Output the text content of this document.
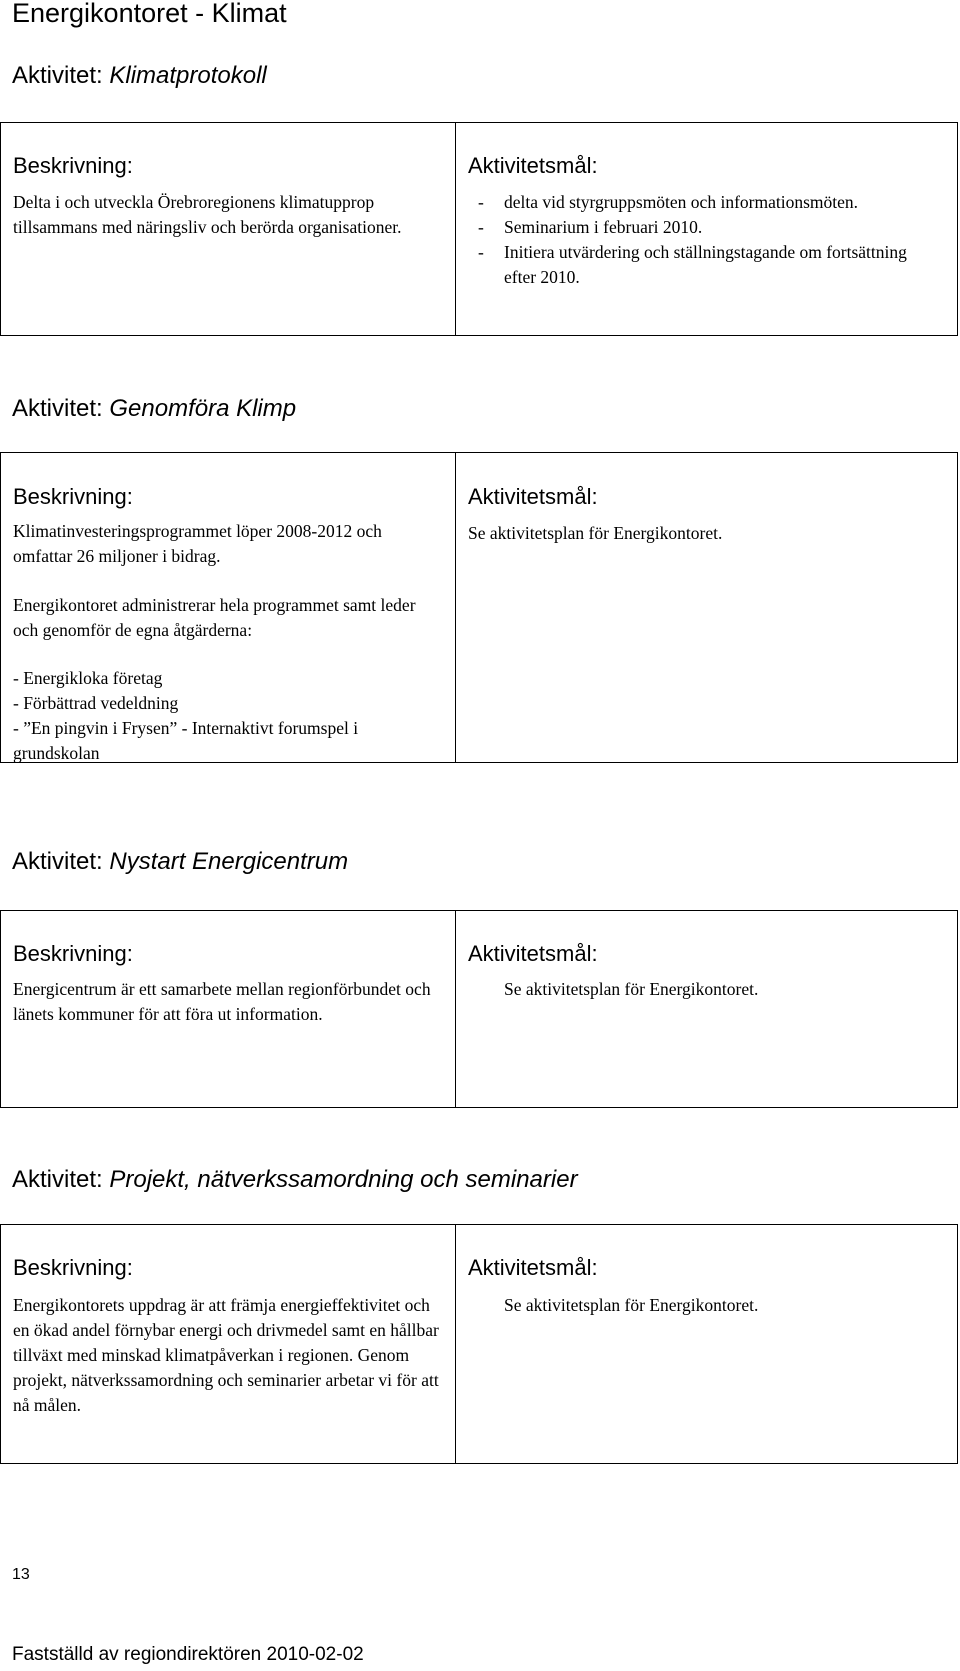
Energikontoret - Klimat
Aktivitet: Klimatprotokoll
Beskrivning:

Delta i och utveckla Örebroregionens klimatupprop tillsammans med näringsliv och berörda organisationer.

Aktivitetsmål:
- delta vid styrgruppsmöten och informationsmöten.
- Seminarium i februari 2010.
- Initiera utvärdering och ställningstagande om fortsättning efter 2010.
Aktivitet: Genomföra Klimp
Beskrivning:

Klimatinvesteringsprogrammet löper 2008-2012 och omfattar 26 miljoner i bidrag.

Energikontoret administrerar hela programmet samt leder och genomför de egna åtgärderna:

- Energikloka företag
- Förbättrad vedeldning
- ”En pingvin i Frysen” - Internaktivt forumspel i grundskolan
Aktivitetsmål:

Se aktivitetsplan för Energikontoret.

Aktivitet: Nystart Energicentrum
Beskrivning:

Energicentrum är ett samarbete mellan regionförbundet och länets kommuner för att föra ut information.

Aktivitetsmål:

Se aktivitetsplan för Energikontoret.

Aktivitet: Projekt, nätverkssamordning och seminarier
Beskrivning:

Energikontorets uppdrag är att främja energieffektivitet och en ökad andel förnybar energi och drivmedel samt en hållbar tillväxt med minskad klimatpåverkan i regionen. Genom projekt, nätverkssamordning och seminarier arbetar vi för att nå målen.

Aktivitetsmål:

Se aktivitetsplan för Energikontoret.

13
Fastställd av regiondirektören 2010-02-02
